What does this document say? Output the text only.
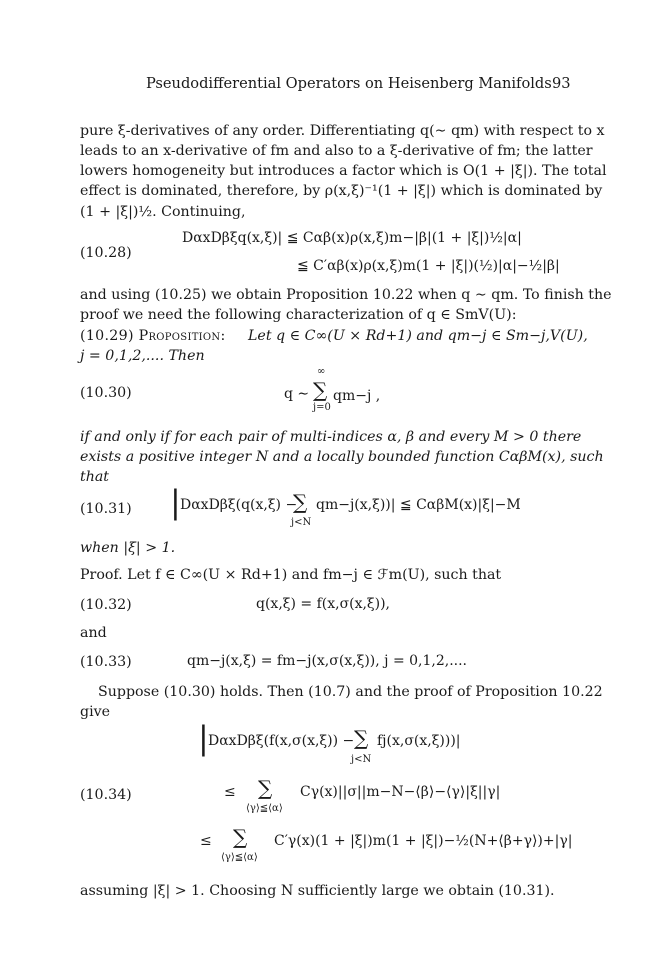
Pseudodifferential Operators on Heisenberg Manifolds 93
pure ξ-derivatives of any order. Differentiating q(∼ qm) with respect to x
leads to an x-derivative of fm and also to a ξ-derivative of fm; the latter
lowers homogeneity but introduces a factor which is O(1 + |ξ|). The total
effect is dominated, therefore, by ρ(x,ξ)⁻¹(1 + |ξ|) which is dominated by
(1 + |ξ|)½. Continuing,
(10.28)
DαxDβξq(x,ξ)| ≦ Cαβ(x)ρ(x,ξ)m−|β|(1 + |ξ|)½|α|
≦ C′αβ(x)ρ(x,ξ)m(1 + |ξ|)(½)|α|−½|β|
and using (10.25) we obtain Proposition 10.22 when q ∼ qm. To finish the
proof we need the following characterization of q ∈ SmV(U):
(10.29) Proposition: Let q ∈ C∞(U × Rd+1) and qm−j ∈ Sm−j,V(U),
j = 0,1,2,.... Then
(10.30)	q ∼
∞
∑
j=0
qm−j ,
if and only if for each pair of multi-indices α, β and every M > 0 there
exists a positive integer N and a locally bounded function CαβM(x), such
that
(10.31) | DαxDβξ(q(x,ξ) −
∑
j<N
qm−j(x,ξ))| ≦ CαβM(x)|ξ|−M
when |ξ| > 1.
Proof. Let f ∈ C∞(U × Rd+1) and fm−j ∈ ℱm(U), such that
(10.32)	q(x,ξ) = f(x,σ(x,ξ)),
and
(10.33)	qm−j(x,ξ) = fm−j(x,σ(x,ξ)), j = 0,1,2,....
Suppose (10.30) holds. Then (10.7) and the proof of Proposition 10.22
give
| DαxDβξ(f(x,σ(x,ξ)) − ∑
j<N
fj(x,σ(x,ξ)))|
(10.34)	≤ ∑
⟨γ⟩≦⟨α⟩
Cγ(x)||σ||m−N−⟨β⟩−⟨γ⟩|ξ||γ|
≤ ∑
⟨γ⟩≦⟨α⟩
C′γ(x)(1 + |ξ|)m(1 + |ξ|)−½(N+⟨β+γ⟩)+|γ|
assuming |ξ| > 1. Choosing N sufficiently large we obtain (10.31).
